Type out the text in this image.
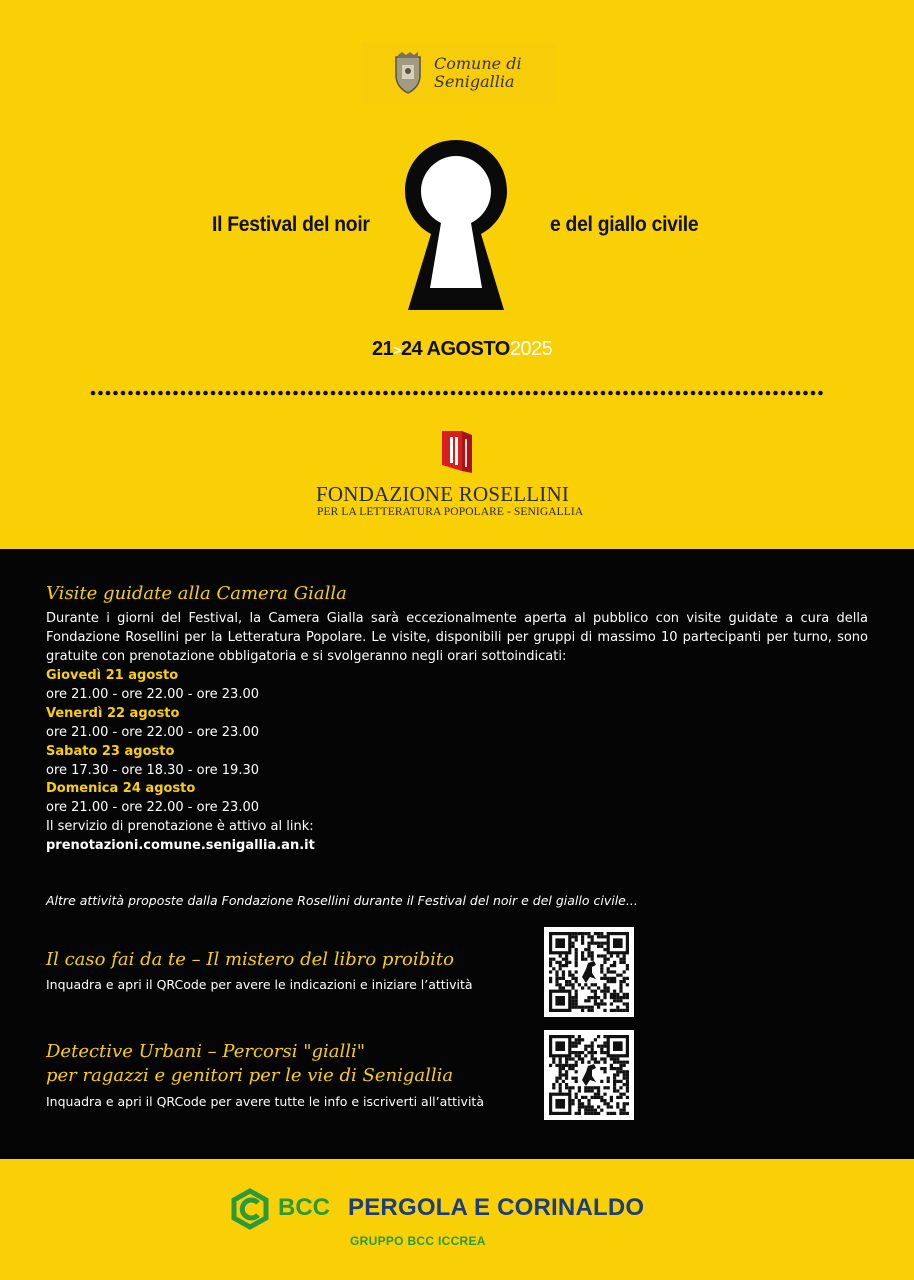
Comune di
Senigallia
Il Festival del noir	e del giallo civile
21>24 AGOSTO2025
FONDAZIONE ROSELLINI
PER LA LETTERATURA POPOLARE - SENIGALLIA
Visite guidate alla Camera Gialla
Durante i giorni del Festival, la Camera Gialla sarà eccezionalmente aperta al pubblico con visite guidate a cura della Fondazione Rosellini per la Letteratura Popolare. Le visite, disponibili per gruppi di massimo 10 partecipanti per turno, sono gratuite con prenotazione obbligatoria e si svolgeranno negli orari sottoindicati:
Giovedì 21 agosto
ore 21.00 - ore 22.00 - ore 23.00
Venerdì 22 agosto
ore 21.00 - ore 22.00 - ore 23.00
Sabato 23 agosto
ore 17.30 - ore 18.30 - ore 19.30
Domenica 24 agosto
ore 21.00 - ore 22.00 - ore 23.00
Il servizio di prenotazione è attivo al link:
prenotazioni.comune.senigallia.an.it
Altre attività proposte dalla Fondazione Rosellini durante il Festival del noir e del giallo civile...
Il caso fai da te – Il mistero del libro proibito
Inquadra e apri il QRCode per avere le indicazioni e iniziare l’attività
Detective Urbani – Percorsi "gialli"
per ragazzi e genitori per le vie di Senigallia
Inquadra e apri il QRCode per avere tutte le info e iscriverti all’attività
BCC PERGOLA E CORINALDO
GRUPPO BCC ICCREA
